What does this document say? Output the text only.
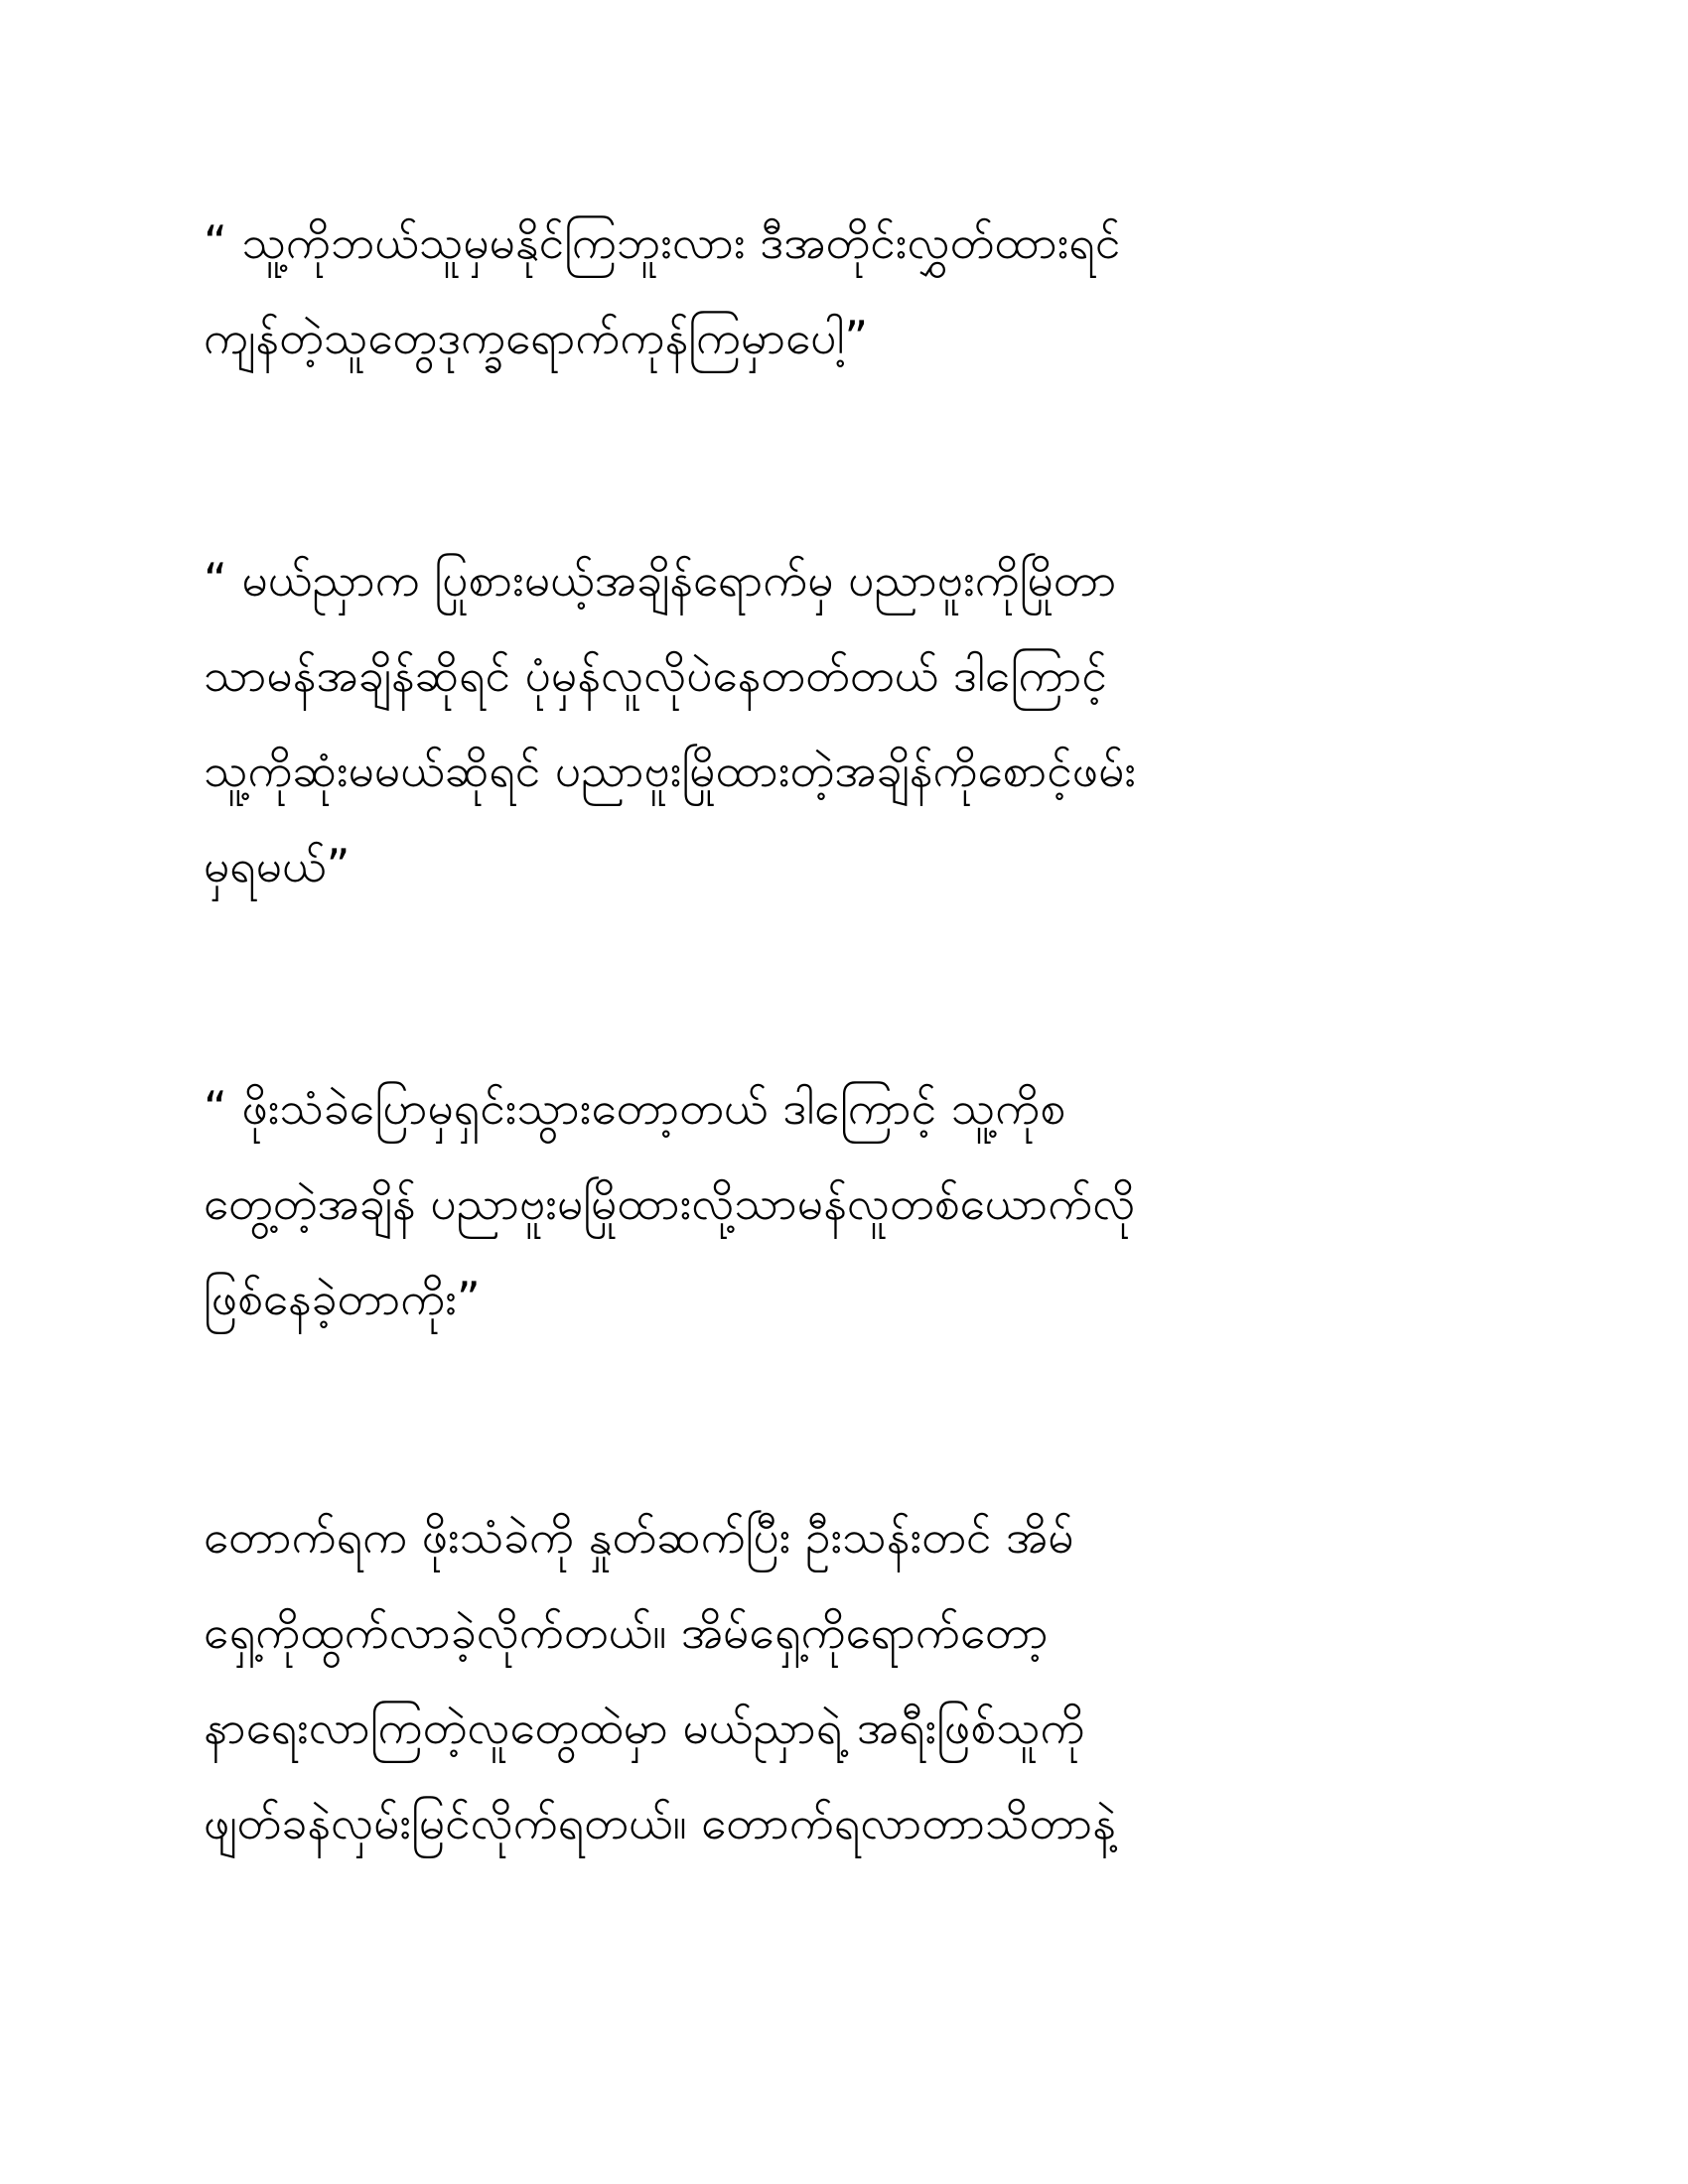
“ သူ့ကိုဘယ်သူမှမနိုင်ကြဘူးလား ဒီအတိုင်းလွှတ်ထားရင်
ကျန်တဲ့သူတွေဒုက္ခရောက်ကုန်ကြမှာပေါ့”
“ မယ်ညှာက ပြုစားမယ့်အချိန်ရောက်မှ ပညာဗူးကိုမြိုတာ
သာမန်အချိန်ဆိုရင် ပုံမှန်လူလိုပဲနေတတ်တယ် ဒါကြောင့်
သူ့ကိုဆုံးမမယ်ဆိုရင် ပညာဗူးမြိုထားတဲ့အချိန်ကိုစောင့်ဖမ်း
မှရမယ်”
“ ဖိုးသံခဲပြောမှရှင်းသွားတော့တယ် ဒါကြောင့် သူ့ကိုစ
တွေ့တဲ့အချိန် ပညာဗူးမမြိုထားလို့သာမန်လူတစ်ယောက်လို
ဖြစ်နေခဲ့တာကိုး”
တောက်ရက ဖိုးသံခဲကို နှုတ်ဆက်ပြီး ဦးသန်းတင် အိမ်
ရှေ့ကိုထွက်လာခဲ့လိုက်တယ်။ အိမ်ရှေ့ကိုရောက်တော့
နာရေးလာကြတဲ့လူတွေထဲမှာ မယ်ညှာရဲ့ အရီးဖြစ်သူကို
ဖျတ်ခနဲလှမ်းမြင်လိုက်ရတယ်။ တောက်ရလာတာသိတာနဲ့
